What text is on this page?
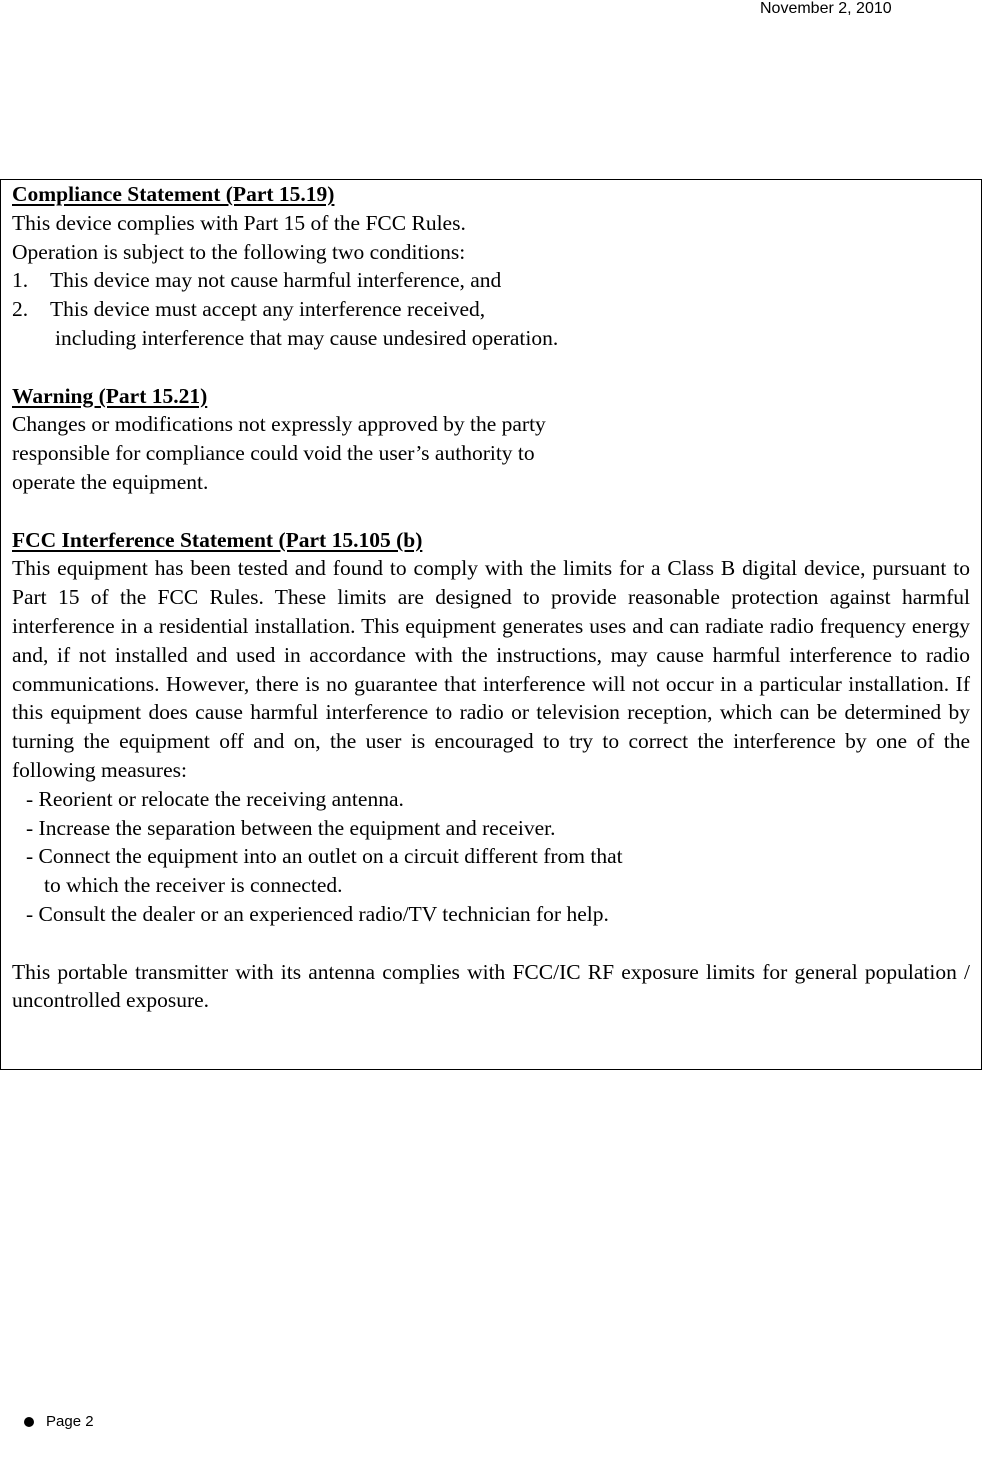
November 2, 2010
Compliance Statement (Part 15.19)
This device complies with Part 15 of the FCC Rules.
Operation is subject to the following two conditions:
1. This device may not cause harmful interference, and
2. This device must accept any interference received,
including interference that may cause undesired operation.
Warning (Part 15.21)
Changes or modifications not expressly approved by the party
responsible for compliance could void the user’s authority to
operate the equipment.
FCC Interference Statement (Part 15.105 (b)
This equipment has been tested and found to comply with the limits for a Class B digital device, pursuant to Part 15 of the FCC Rules. These limits are designed to provide reasonable protection against harmful interference in a residential installation. This equipment generates uses and can radiate radio frequency energy and, if not installed and used in accordance with the instructions, may cause harmful interference to radio communications. However, there is no guarantee that interference will not occur in a particular installation. If this equipment does cause harmful interference to radio or television reception, which can be determined by turning the equipment off and on, the user is encouraged to try to correct the interference by one of the following measures:
- Reorient or relocate the receiving antenna.
- Increase the separation between the equipment and receiver.
- Connect the equipment into an outlet on a circuit different from that
to which the receiver is connected.
- Consult the dealer or an experienced radio/TV technician for help.
This portable transmitter with its antenna complies with FCC/IC RF exposure limits for general population / uncontrolled exposure.
Page 2
